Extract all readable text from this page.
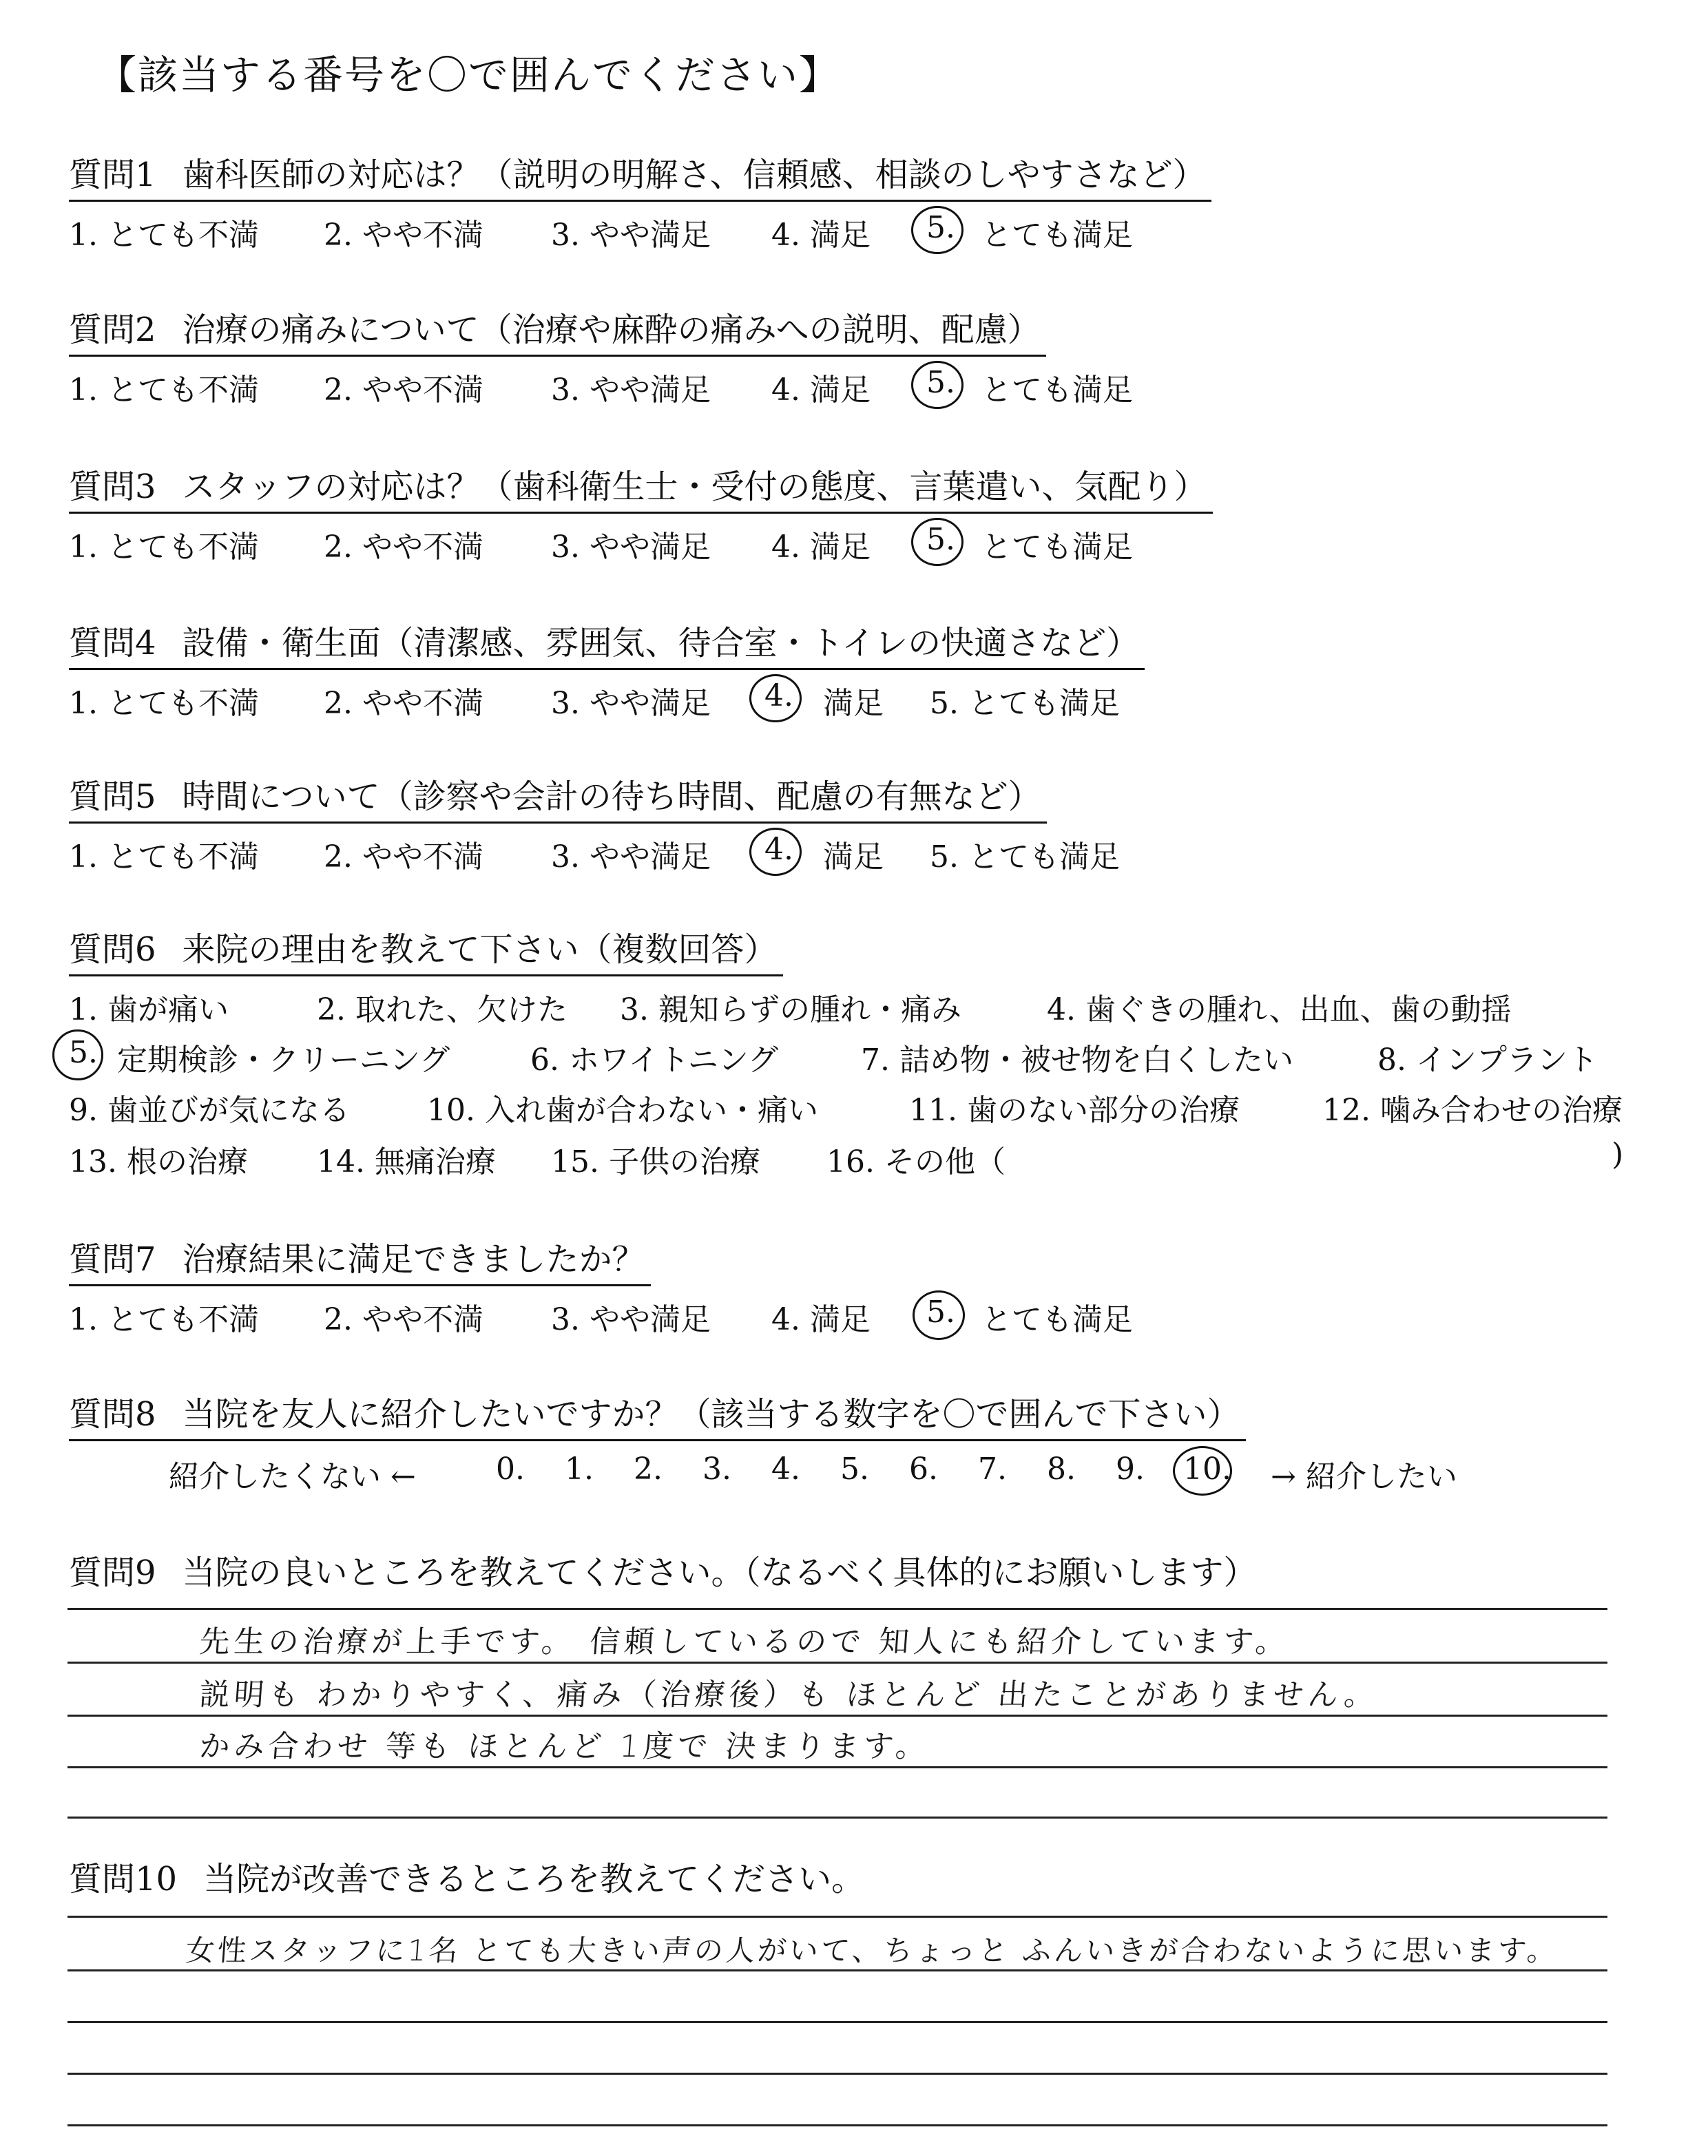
【該当する番号を〇で囲んでください】
質問1 歯科医師の対応は？（説明の明解さ、信頼感、相談のしやすさなど）
1. とても不満 2. やや不満 3. やや満足 4. 満足 5. とても満足
質問2 治療の痛みについて（治療や麻酔の痛みへの説明、配慮）
1. とても不満 2. やや不満 3. やや満足 4. 満足 5. とても満足
質問3 スタッフの対応は？（歯科衛生士・受付の態度、言葉遣い、気配り）
1. とても不満 2. やや不満 3. やや満足 4. 満足 5. とても満足
質問4 設備・衛生面（清潔感、雰囲気、待合室・トイレの快適さなど）
1. とても不満 2. やや不満 3. やや満足 4. 満足 5. とても満足
質問5 時間について（診察や会計の待ち時間、配慮の有無など）
1. とても不満 2. やや不満 3. やや満足 4. 満足 5. とても満足
質問6 来院の理由を教えて下さい（複数回答）
1. 歯が痛い	2. 取れた、欠けた 3. 親知らずの腫れ・痛み	4. 歯ぐきの腫れ、出血、歯の動揺
5. 定期検診・クリーニング	6. ホワイトニング	7. 詰め物・被せ物を白くしたい	8. インプラント
9. 歯並びが気になる	10. 入れ歯が合わない・痛い	11. 歯のない部分の治療	12. 噛み合わせの治療
13. 根の治療 14. 無痛治療 15. 子供の治療 16. その他（	)
質問7 治療結果に満足できましたか？
1. とても不満 2. やや不満 3. やや満足 4. 満足 5. とても満足
質問8 当院を友人に紹介したいですか？（該当する数字を〇で囲んで下さい）
紹介したくない ←	0. 1. 2. 3. 4. 5. 6. 7. 8. 9. 10. → 紹介したい
質問9 当院の良いところを教えてください。（なるべく具体的にお願いします）
先生の治療が上手です。 信頼しているので 知人にも紹介しています。
説明も わかりやすく、痛み（治療後）も ほとんど 出たことがありません。
かみ合わせ 等も ほとんど 1度で 決まります。
質問10 当院が改善できるところを教えてください。
女性スタッフに1名 とても大きい声の人がいて、ちょっと ふんいきが合わないように思います。
